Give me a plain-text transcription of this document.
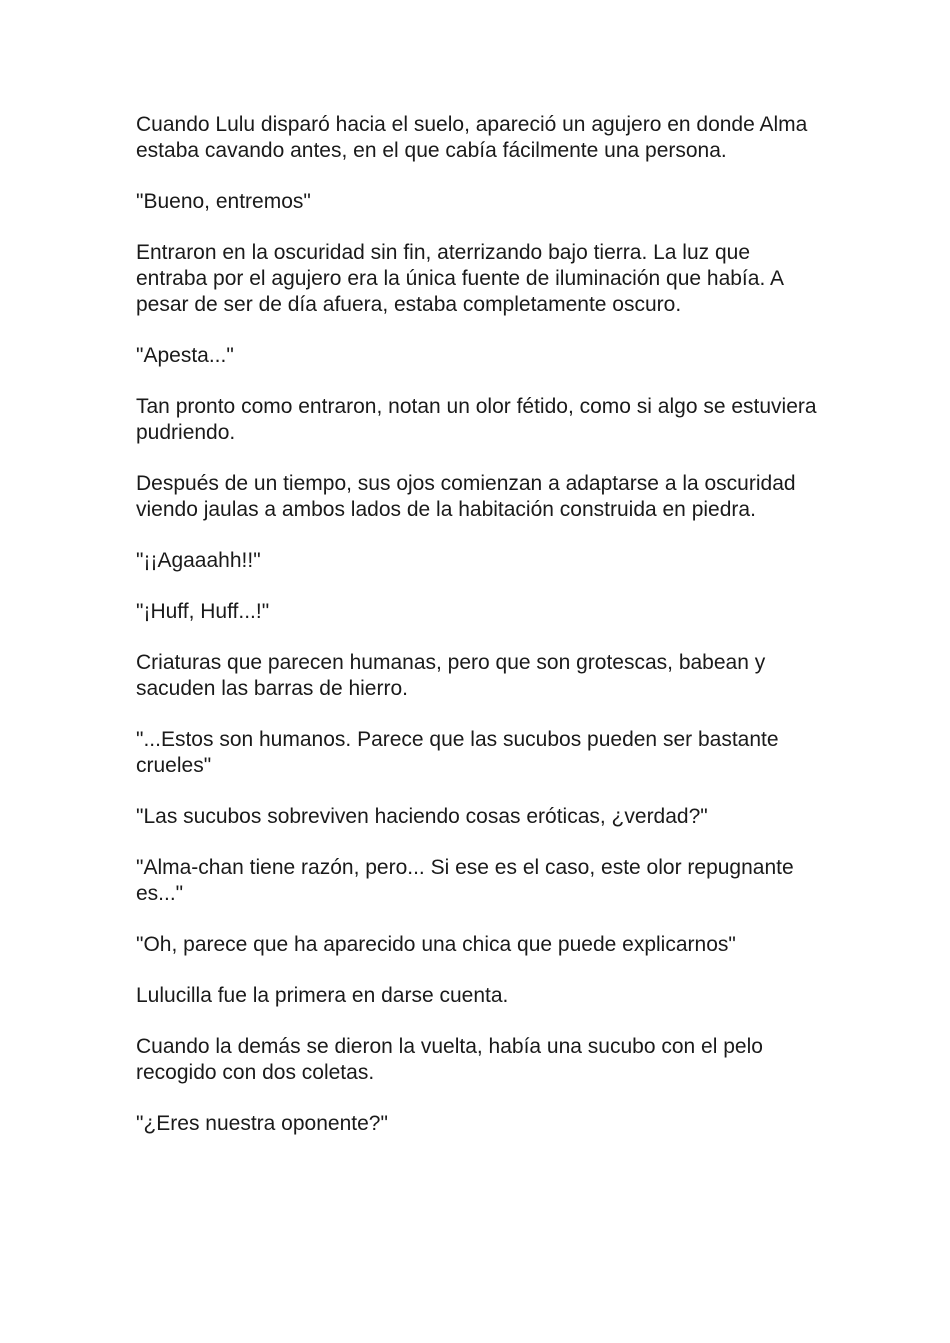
Cuando Lulu disparó hacia el suelo, apareció un agujero en donde Alma estaba cavando antes, en el que cabía fácilmente una persona.

"Bueno, entremos"

Entraron en la oscuridad sin fin, aterrizando bajo tierra. La luz que entraba por el agujero era la única fuente de iluminación que había. A pesar de ser de día afuera, estaba completamente oscuro.

"Apesta..."

Tan pronto como entraron, notan un olor fétido, como si algo se estuviera pudriendo.

Después de un tiempo, sus ojos comienzan a adaptarse a la oscuridad viendo jaulas a ambos lados de la habitación construida en piedra.

"¡¡Agaaahh!!"

"¡Huff, Huff...!"

Criaturas que parecen humanas, pero que son grotescas, babean y sacuden las barras de hierro.

"...Estos son humanos. Parece que las sucubos pueden ser bastante crueles"

"Las sucubos sobreviven haciendo cosas eróticas, ¿verdad?"

"Alma-chan tiene razón, pero... Si ese es el caso, este olor repugnante es..."

"Oh, parece que ha aparecido una chica que puede explicarnos"

Lulucilla fue la primera en darse cuenta.

Cuando la demás se dieron la vuelta, había una sucubo con el pelo recogido con dos coletas.

"¿Eres nuestra oponente?"
